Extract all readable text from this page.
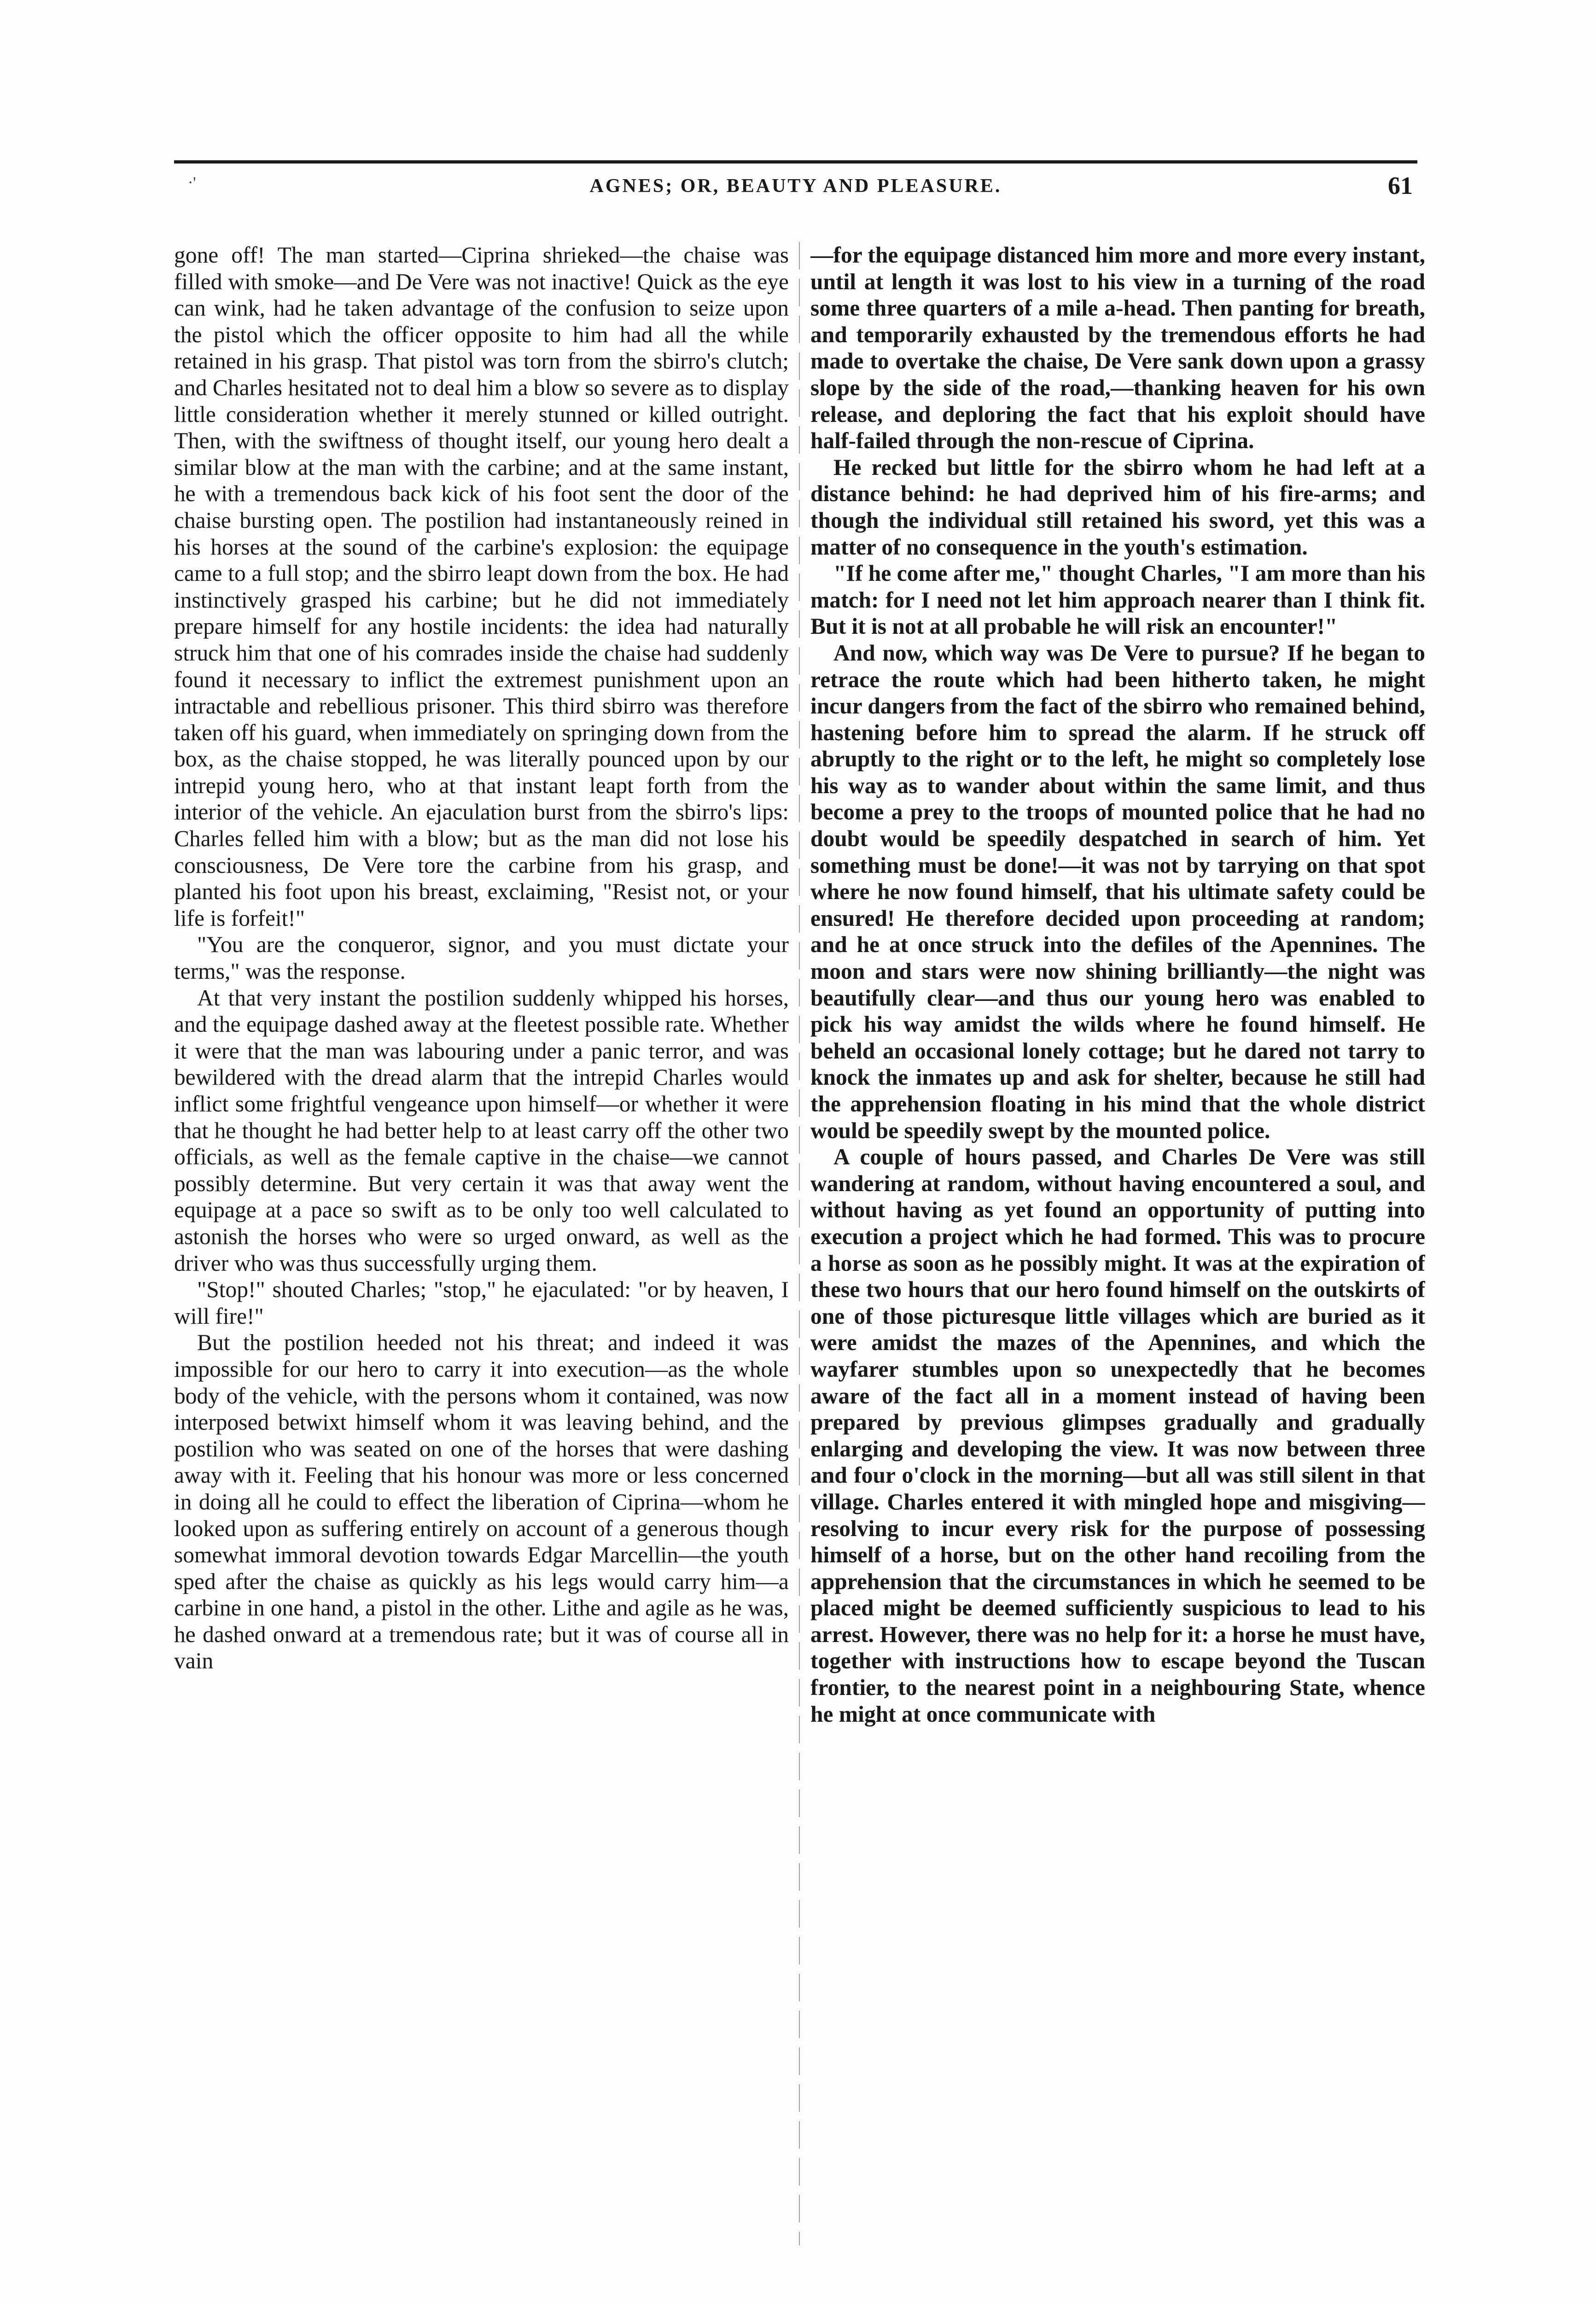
·'	AGNES; OR, BEAUTY AND PLEASURE.	61

gone off! The man started—Ciprina shrieked—the chaise was filled with smoke—and De Vere was not inactive! Quick as the eye can wink, had he taken advantage of the confusion to seize upon the pistol which the officer opposite to him had all the while retained in his grasp. That pistol was torn from the sbirro's clutch; and Charles hesitated not to deal him a blow so severe as to display little consideration whether it merely stunned or killed outright. Then, with the swiftness of thought itself, our young hero dealt a similar blow at the man with the carbine; and at the same instant, he with a tremendous back kick of his foot sent the door of the chaise bursting open. The postilion had instantaneously reined in his horses at the sound of the carbine's explosion: the equipage came to a full stop; and the sbirro leapt down from the box. He had instinctively grasped his carbine; but he did not immediately prepare himself for any hostile incidents: the idea had naturally struck him that one of his comrades inside the chaise had suddenly found it necessary to inflict the extremest punishment upon an intractable and rebellious prisoner. This third sbirro was therefore taken off his guard, when immediately on springing down from the box, as the chaise stopped, he was literally pounced upon by our intrepid young hero, who at that instant leapt forth from the interior of the vehicle. An ejaculation burst from the sbirro's lips: Charles felled him with a blow; but as the man did not lose his consciousness, De Vere tore the carbine from his grasp, and planted his foot upon his breast, exclaiming, "Resist not, or your life is forfeit!"

"You are the conqueror, signor, and you must dictate your terms," was the response.

At that very instant the postilion suddenly whipped his horses, and the equipage dashed away at the fleetest possible rate. Whether it were that the man was labouring under a panic terror, and was bewildered with the dread alarm that the intrepid Charles would inflict some frightful vengeance upon himself—or whether it were that he thought he had better help to at least carry off the other two officials, as well as the female captive in the chaise—we cannot possibly determine. But very certain it was that away went the equipage at a pace so swift as to be only too well calculated to astonish the horses who were so urged onward, as well as the driver who was thus successfully urging them.

"Stop!" shouted Charles; "stop," he ejaculated: "or by heaven, I will fire!"

But the postilion heeded not his threat; and indeed it was impossible for our hero to carry it into execution—as the whole body of the vehicle, with the persons whom it contained, was now interposed betwixt himself whom it was leaving behind, and the postilion who was seated on one of the horses that were dashing away with it. Feeling that his honour was more or less concerned in doing all he could to effect the liberation of Ciprina—whom he looked upon as suffering entirely on account of a generous though somewhat immoral devotion towards Edgar Marcellin—the youth sped after the chaise as quickly as his legs would carry him—a carbine in one hand, a pistol in the other. Lithe and agile as he was, he dashed onward at a tremendous rate; but it was of course all in vain

—for the equipage distanced him more and more every instant, until at length it was lost to his view in a turning of the road some three quarters of a mile a-head. Then panting for breath, and temporarily exhausted by the tremendous efforts he had made to overtake the chaise, De Vere sank down upon a grassy slope by the side of the road,—thanking heaven for his own release, and deploring the fact that his exploit should have half-failed through the non-rescue of Ciprina.

He recked but little for the sbirro whom he had left at a distance behind: he had deprived him of his fire-arms; and though the individual still retained his sword, yet this was a matter of no consequence in the youth's estimation.

"If he come after me," thought Charles, "I am more than his match: for I need not let him approach nearer than I think fit. But it is not at all probable he will risk an encounter!"

And now, which way was De Vere to pursue? If he began to retrace the route which had been hitherto taken, he might incur dangers from the fact of the sbirro who remained behind, hastening before him to spread the alarm. If he struck off abruptly to the right or to the left, he might so completely lose his way as to wander about within the same limit, and thus become a prey to the troops of mounted police that he had no doubt would be speedily despatched in search of him. Yet something must be done!—it was not by tarrying on that spot where he now found himself, that his ultimate safety could be ensured! He therefore decided upon proceeding at random; and he at once struck into the defiles of the Apennines. The moon and stars were now shining brilliantly—the night was beautifully clear—and thus our young hero was enabled to pick his way amidst the wilds where he found himself. He beheld an occasional lonely cottage; but he dared not tarry to knock the inmates up and ask for shelter, because he still had the apprehension floating in his mind that the whole district would be speedily swept by the mounted police.

A couple of hours passed, and Charles De Vere was still wandering at random, without having encountered a soul, and without having as yet found an opportunity of putting into execution a project which he had formed. This was to procure a horse as soon as he possibly might. It was at the expiration of these two hours that our hero found himself on the outskirts of one of those picturesque little villages which are buried as it were amidst the mazes of the Apennines, and which the wayfarer stumbles upon so unexpectedly that he becomes aware of the fact all in a moment instead of having been prepared by previous glimpses gradually and gradually enlarging and developing the view. It was now between three and four o'clock in the morning—but all was still silent in that village. Charles entered it with mingled hope and misgiving—resolving to incur every risk for the purpose of possessing himself of a horse, but on the other hand recoiling from the apprehension that the circumstances in which he seemed to be placed might be deemed sufficiently suspicious to lead to his arrest. However, there was no help for it: a horse he must have, together with instructions how to escape beyond the Tuscan frontier, to the nearest point in a neighbouring State, whence he might at once communicate with
